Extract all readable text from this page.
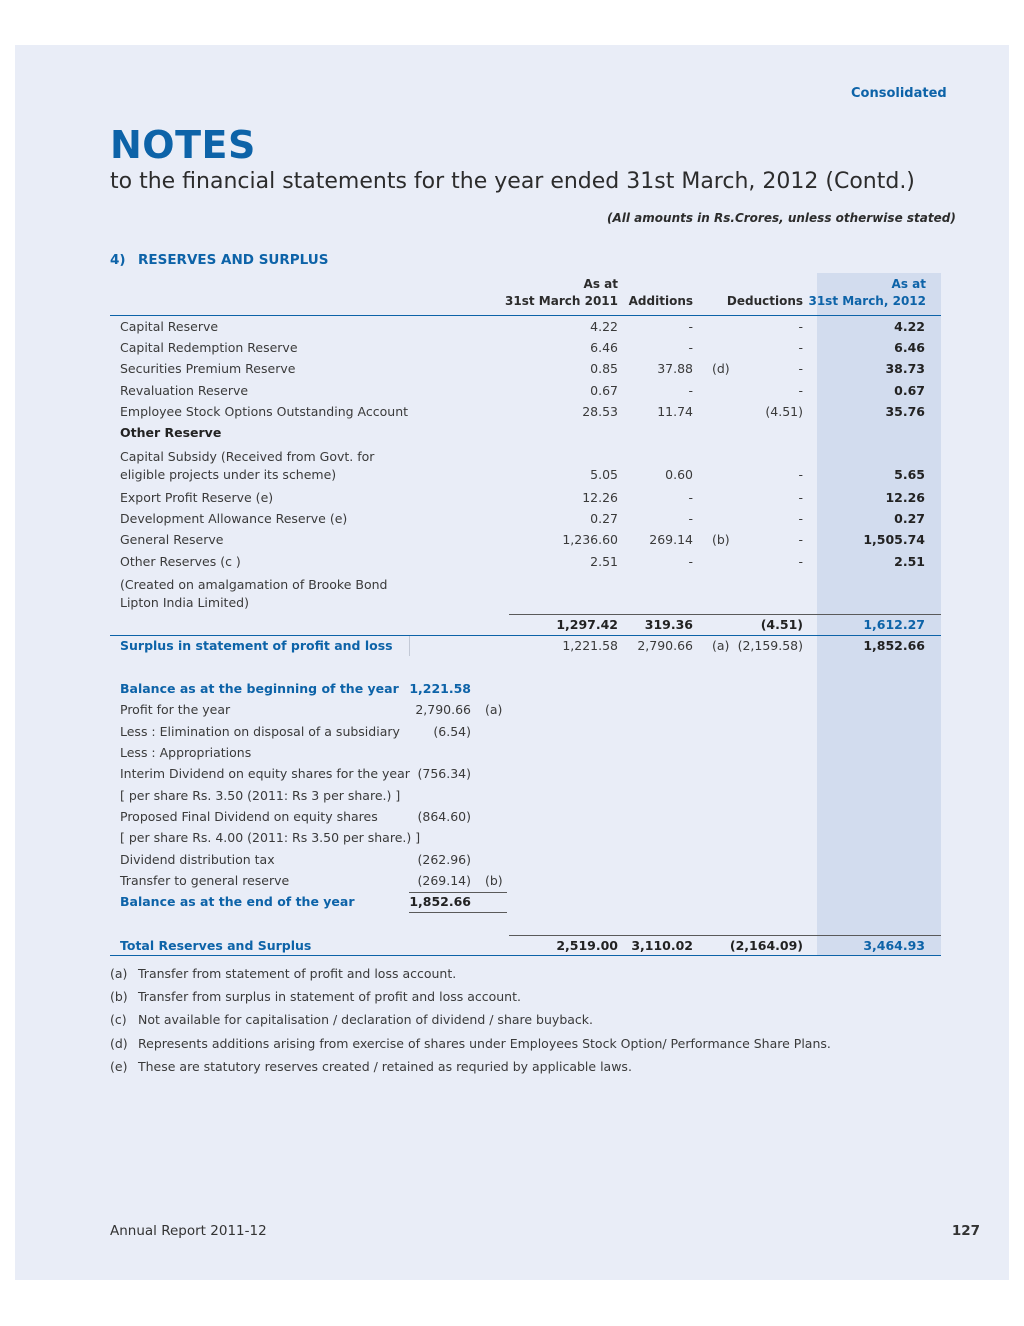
Consolidated
NOTES
to the financial statements for the year ended 31st March, 2012 (Contd.)
(All amounts in Rs.Crores, unless otherwise stated)
4) RESERVES AND SURPLUS
As at
31st March 2011 Additions	Deductions
As at
31st March, 2012
Capital Reserve	4.22	-	-	4.22
Capital Redemption Reserve	6.46	-	-	6.46
Securities Premium Reserve	0.85	37.88 (d)	-	38.73
Revaluation Reserve	0.67	-	-	0.67
Employee Stock Options Outstanding Account	28.53	11.74	(4.51)	35.76
Other Reserve
Capital Subsidy (Received from Govt. for
eligible projects under its scheme)	5.05	0.60	-	5.65
Export Profit Reserve (e)	12.26	-	-	12.26
Development Allowance Reserve (e)	0.27	-	-	0.27
General Reserve	1,236.60	269.14 (b)	-	1,505.74
Other Reserves (c )	2.51	-	-	2.51
(Created on amalgamation of Brooke Bond
Lipton India Limited)
1,297.42 319.36	(4.51)	1,612.27
Surplus in statement of profit and loss	1,221.58 2,790.66 (a) (2,159.58)	1,852.66
Balance as at the beginning of the year 1,221.58
Profit for the year	2,790.66 (a)
Less : Elimination on disposal of a subsidiary	(6.54)
Less : Appropriations
Interim Dividend on equity shares for the year (756.34)
[ per share Rs. 3.50 (2011: Rs 3 per share.) ]
Proposed Final Dividend on equity shares	(864.60)
[ per share Rs. 4.00 (2011: Rs 3.50 per share.) ]
Dividend distribution tax	(262.96)
Transfer to general reserve	(269.14) (b)
Balance as at the end of the year	1,852.66
Total Reserves and Surplus	2,519.00 3,110.02	(2,164.09)	3,464.93
(a) Transfer from statement of profit and loss account.
(b) Transfer from surplus in statement of profit and loss account.
(c) Not available for capitalisation / declaration of dividend / share buyback.
(d) Represents additions arising from exercise of shares under Employees Stock Option/ Performance Share Plans.
(e) These are statutory reserves created / retained as requried by applicable laws.
Annual Report 2011-12	127
